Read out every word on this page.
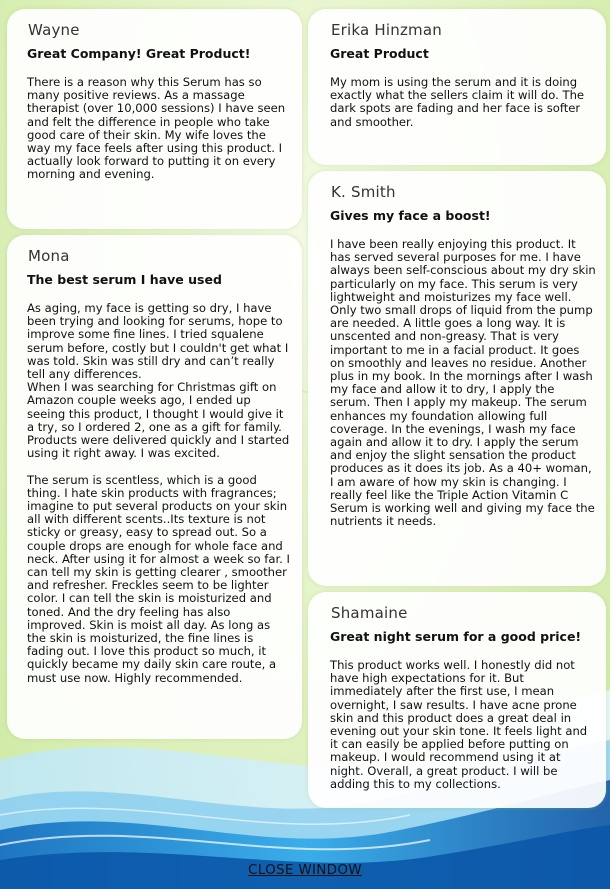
Wayne
Great Company! Great Product!

There is a reason why this Serum has so many positive reviews. As a massage therapist (over 10,000 sessions) I have seen and felt the difference in people who take good care of their skin. My wife loves the way my face feels after using this product. I actually look forward to putting it on every morning and evening.

Mona
The best serum I have used

As aging, my face is getting so dry, I have been trying and looking for serums, hope to improve some fine lines. I tried squalene serum before, costly but I couldn't get what I was told. Skin was still dry and can’t really tell any differences.
When I was searching for Christmas gift on Amazon couple weeks ago, I ended up seeing this product, I thought I would give it a try, so I ordered 2, one as a gift for family. Products were delivered quickly and I started using it right away. I was excited.

The serum is scentless, which is a good thing. I hate skin products with fragrances; imagine to put several products on your skin all with different scents..Its texture is not sticky or greasy, easy to spread out. So a couple drops are enough for whole face and neck. After using it for almost a week so far. I can tell my skin is getting clearer , smoother and refresher. Freckles seem to be lighter color. I can tell the skin is moisturized and toned. And the dry feeling has also improved. Skin is moist all day. As long as the skin is moisturized, the fine lines is fading out. I love this product so much, it quickly became my daily skin care route, a must use now. Highly recommended.

Erika Hinzman
Great Product

My mom is using the serum and it is doing exactly what the sellers claim it will do. The dark spots are fading and her face is softer and smoother.

K. Smith
Gives my face a boost!

I have been really enjoying this product. It has served several purposes for me. I have always been self-conscious about my dry skin particularly on my face. This serum is very lightweight and moisturizes my face well. Only two small drops of liquid from the pump are needed. A little goes a long way. It is unscented and non-greasy. That is very important to me in a facial product. It goes on smoothly and leaves no residue. Another plus in my book. In the mornings after I wash my face and allow it to dry, I apply the serum. Then I apply my makeup. The serum enhances my foundation allowing full coverage. In the evenings, I wash my face again and allow it to dry. I apply the serum and enjoy the slight sensation the product produces as it does its job. As a 40+ woman, I am aware of how my skin is changing. I really feel like the Triple Action Vitamin C Serum is working well and giving my face the nutrients it needs.

Shamaine
Great night serum for a good price!

This product works well. I honestly did not have high expectations for it. But immediately after the first use, I mean overnight, I saw results. I have acne prone skin and this product does a great deal in evening out your skin tone. It feels light and it can easily be applied before putting on makeup. I would recommend using it at night. Overall, a great product. I will be adding this to my collections.

CLOSE WINDOW
